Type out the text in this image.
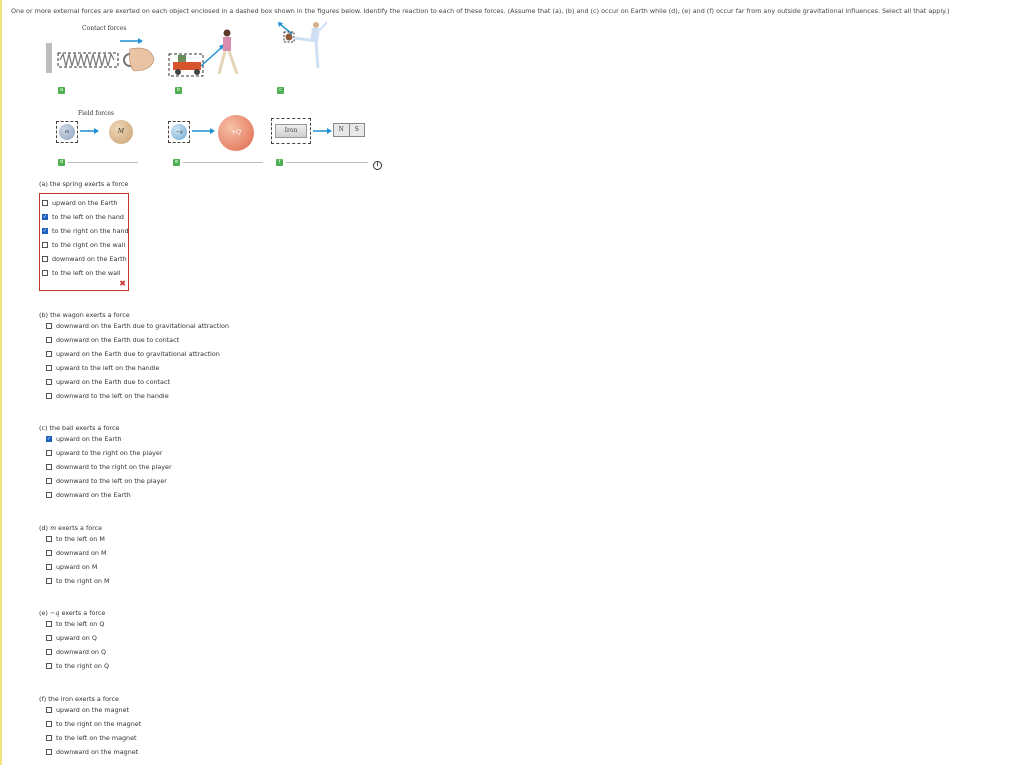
One or more external forces are exerted on each object enclosed in a dashed box shown in the figures below. Identify the reaction to each of these forces. (Assume that (a), (b) and (c) occur on Earth while (d), (e) and (f) occur far from any outside gravitational influences. Select all that apply.)
Contact forces
a	b	c
Field forces
m	M	−q	+Q	Iron	N	S
d	e	f	i
(a) the spring exerts a force
upward on the Earth
✓ to the left on the hand
✓ to the right on the hand
to the right on the wall
downward on the Earth
to the left on the wall
✖
(b) the wagon exerts a force
downward on the Earth due to gravitational attraction
downward on the Earth due to contact
upward on the Earth due to gravitational attraction
upward to the left on the handle
upward on the Earth due to contact
downward to the left on the handle
(c) the ball exerts a force
✓ upward on the Earth
upward to the right on the player
downward to the right on the player
downward to the left on the player
downward on the Earth
(d) m exerts a force
to the left on M
downward on M
upward on M
to the right on M
(e) −q exerts a force
to the left on Q
upward on Q
downward on Q
to the right on Q
(f) the iron exerts a force
upward on the magnet
to the right on the magnet
to the left on the magnet
downward on the magnet
